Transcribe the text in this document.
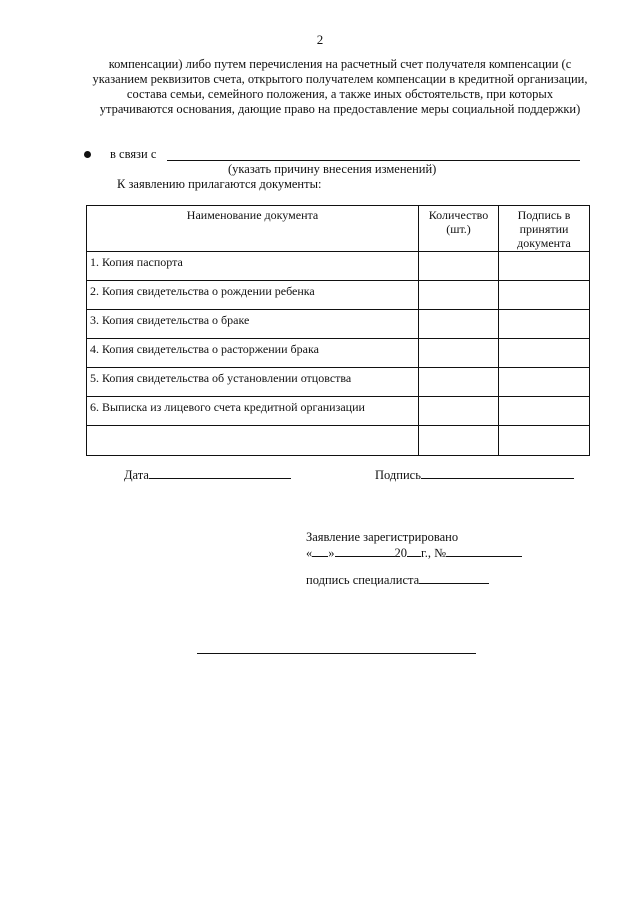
2
компенсации) либо путем перечисления на расчетный счет получателя компенсации (с указанием реквизитов счета, открытого получателем компенсации в кредитной организации, состава семьи, семейного положения, а также иных обстоятельств, при которых утрачиваются основания, дающие право на предоставление меры социальной поддержки)
в связи с
(указать причину внесения изменений)
К заявлению прилагаются документы:
Наименование документа	Количество (шт.)	Подпись в принятии документа
1. Копия паспорта		
2. Копия свидетельства о рождении ребенка		
3. Копия свидетельства о браке		
4. Копия свидетельства о расторжении брака		
5. Копия свидетельства об установлении отцовства		
6. Выписка из лицевого счета кредитной организации		

Дата	Подпись
Заявление зарегистрировано
« »	20 г., №
подпись специалиста
